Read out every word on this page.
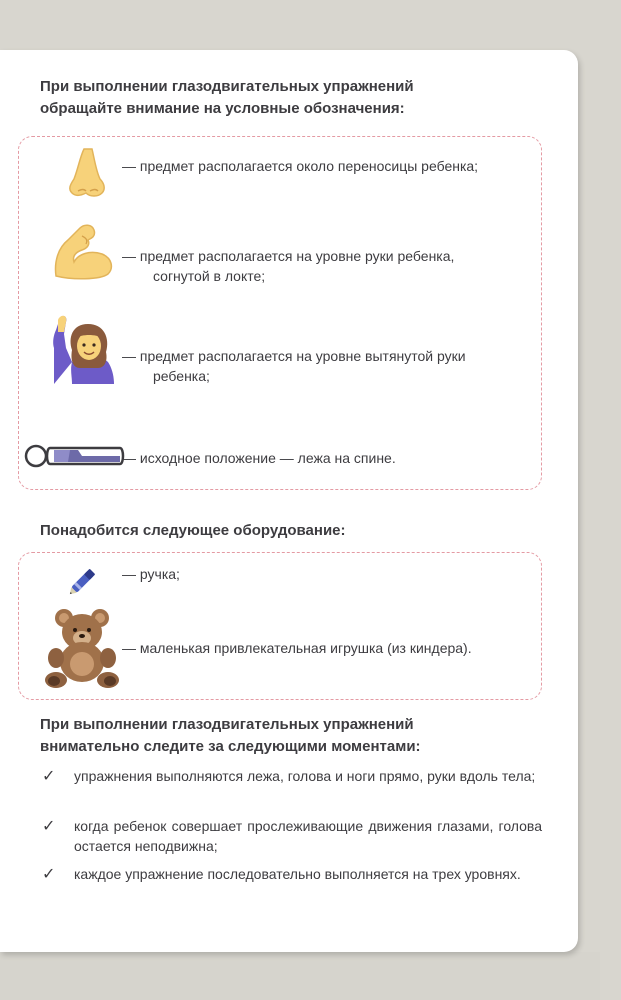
При выполнении глазодвигательных упражнений
обращайте внимание на условные обозначения:
— предмет располагается около переносицы ребенка;
— предмет располагается на уровне руки ребенка,
согнутой в локте;
— предмет располагается на уровне вытянутой руки
ребенка;
— исходное положение — лежа на спине.
Понадобится следующее оборудование:
— ручка;
— маленькая привлекательная игрушка (из киндера).
При выполнении глазодвигательных упражнений
внимательно следите за следующими моментами:
✓ упражнения выполняются лежа, голова и ноги прямо, руки вдоль тела;
✓ когда ребенок совершает прослеживающие движения глазами, голова остается неподвижна;
✓ каждое упражнение последовательно выполняется на трех уровнях.
